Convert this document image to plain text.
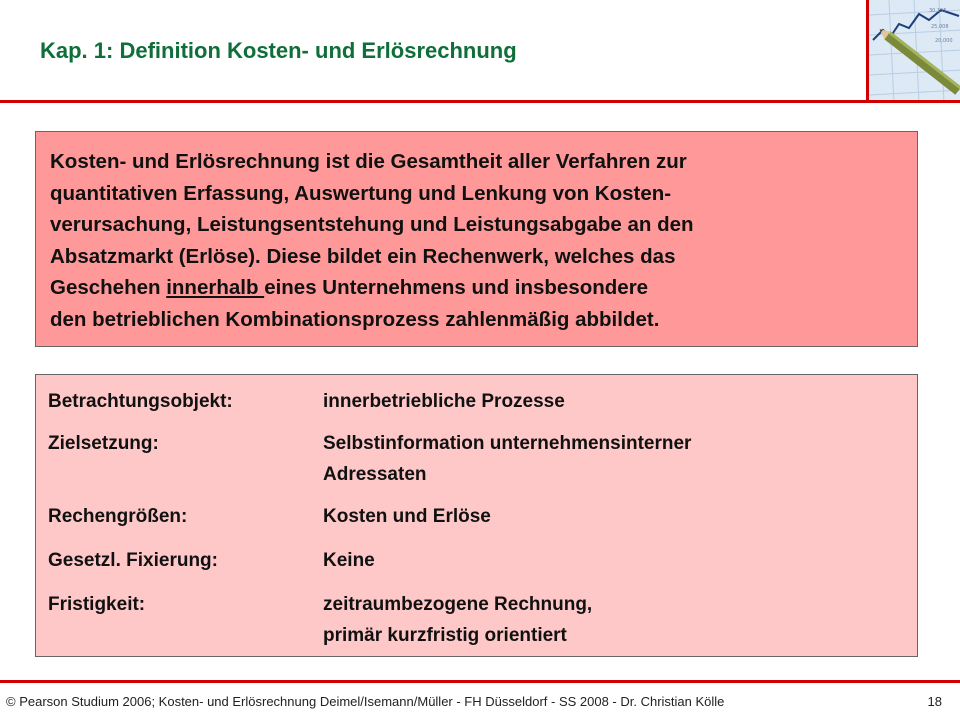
Kap. 1: Definition Kosten- und Erlösrechnung
30,155
25,008
20,000
Kosten- und Erlösrechnung ist die Gesamtheit aller Verfahren zur
quantitativen Erfassung, Auswertung und Lenkung von Kosten-
verursachung, Leistungsentstehung und Leistungsabgabe an den
Absatzmarkt (Erlöse). Diese bildet ein Rechenwerk, welches das
Geschehen innerhalb eines Unternehmens und insbesondere
den betrieblichen Kombinationsprozess zahlenmäßig abbildet.
Betrachtungsobjekt:	innerbetriebliche Prozesse
Zielsetzung:	Selbstinformation unternehmensinterner
Adressaten
Rechengrößen:	Kosten und Erlöse
Gesetzl. Fixierung:	Keine
Fristigkeit:	zeitraumbezogene Rechnung,
primär kurzfristig orientiert
© Pearson Studium 2006; Kosten- und Erlösrechnung Deimel/Isemann/Müller - FH Düsseldorf - SS 2008 - Dr. Christian Kölle	18
